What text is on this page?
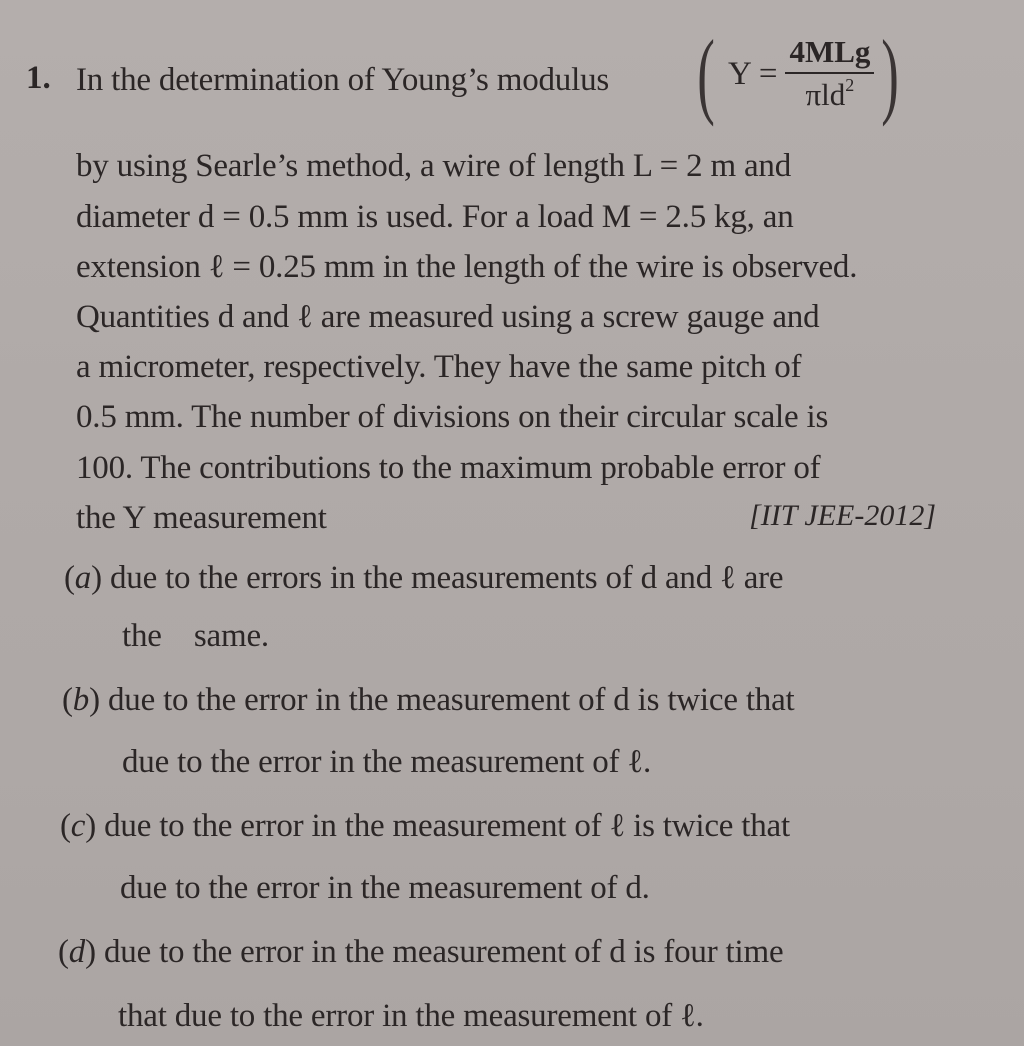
1. In the determination of Young’s modulus ( $Y = \frac{\text{4MLg}}{\pi ld^2}$ )
by using Searle’s method, a wire of length L = 2 m and
diameter d = 0.5 mm is used. For a load M = 2.5 kg, an
extension ℓ = 0.25 mm in the length of the wire is observed.
Quantities d and ℓ are measured using a screw gauge and
a micrometer, respectively. They have the same pitch of
0.5 mm. The number of divisions on their circular scale is
100. The contributions to the maximum probable error of
the Y measurement	[IIT JEE-2012]
(a) due to the errors in the measurements of d and ℓ are
the    same.
(b) due to the error in the measurement of d is twice that
due to the error in the measurement of ℓ.
(c) due to the error in the measurement of ℓ is twice that
due to the error in the measurement of d.
(d) due to the error in the measurement of d is four time
that due to the error in the measurement of ℓ.
